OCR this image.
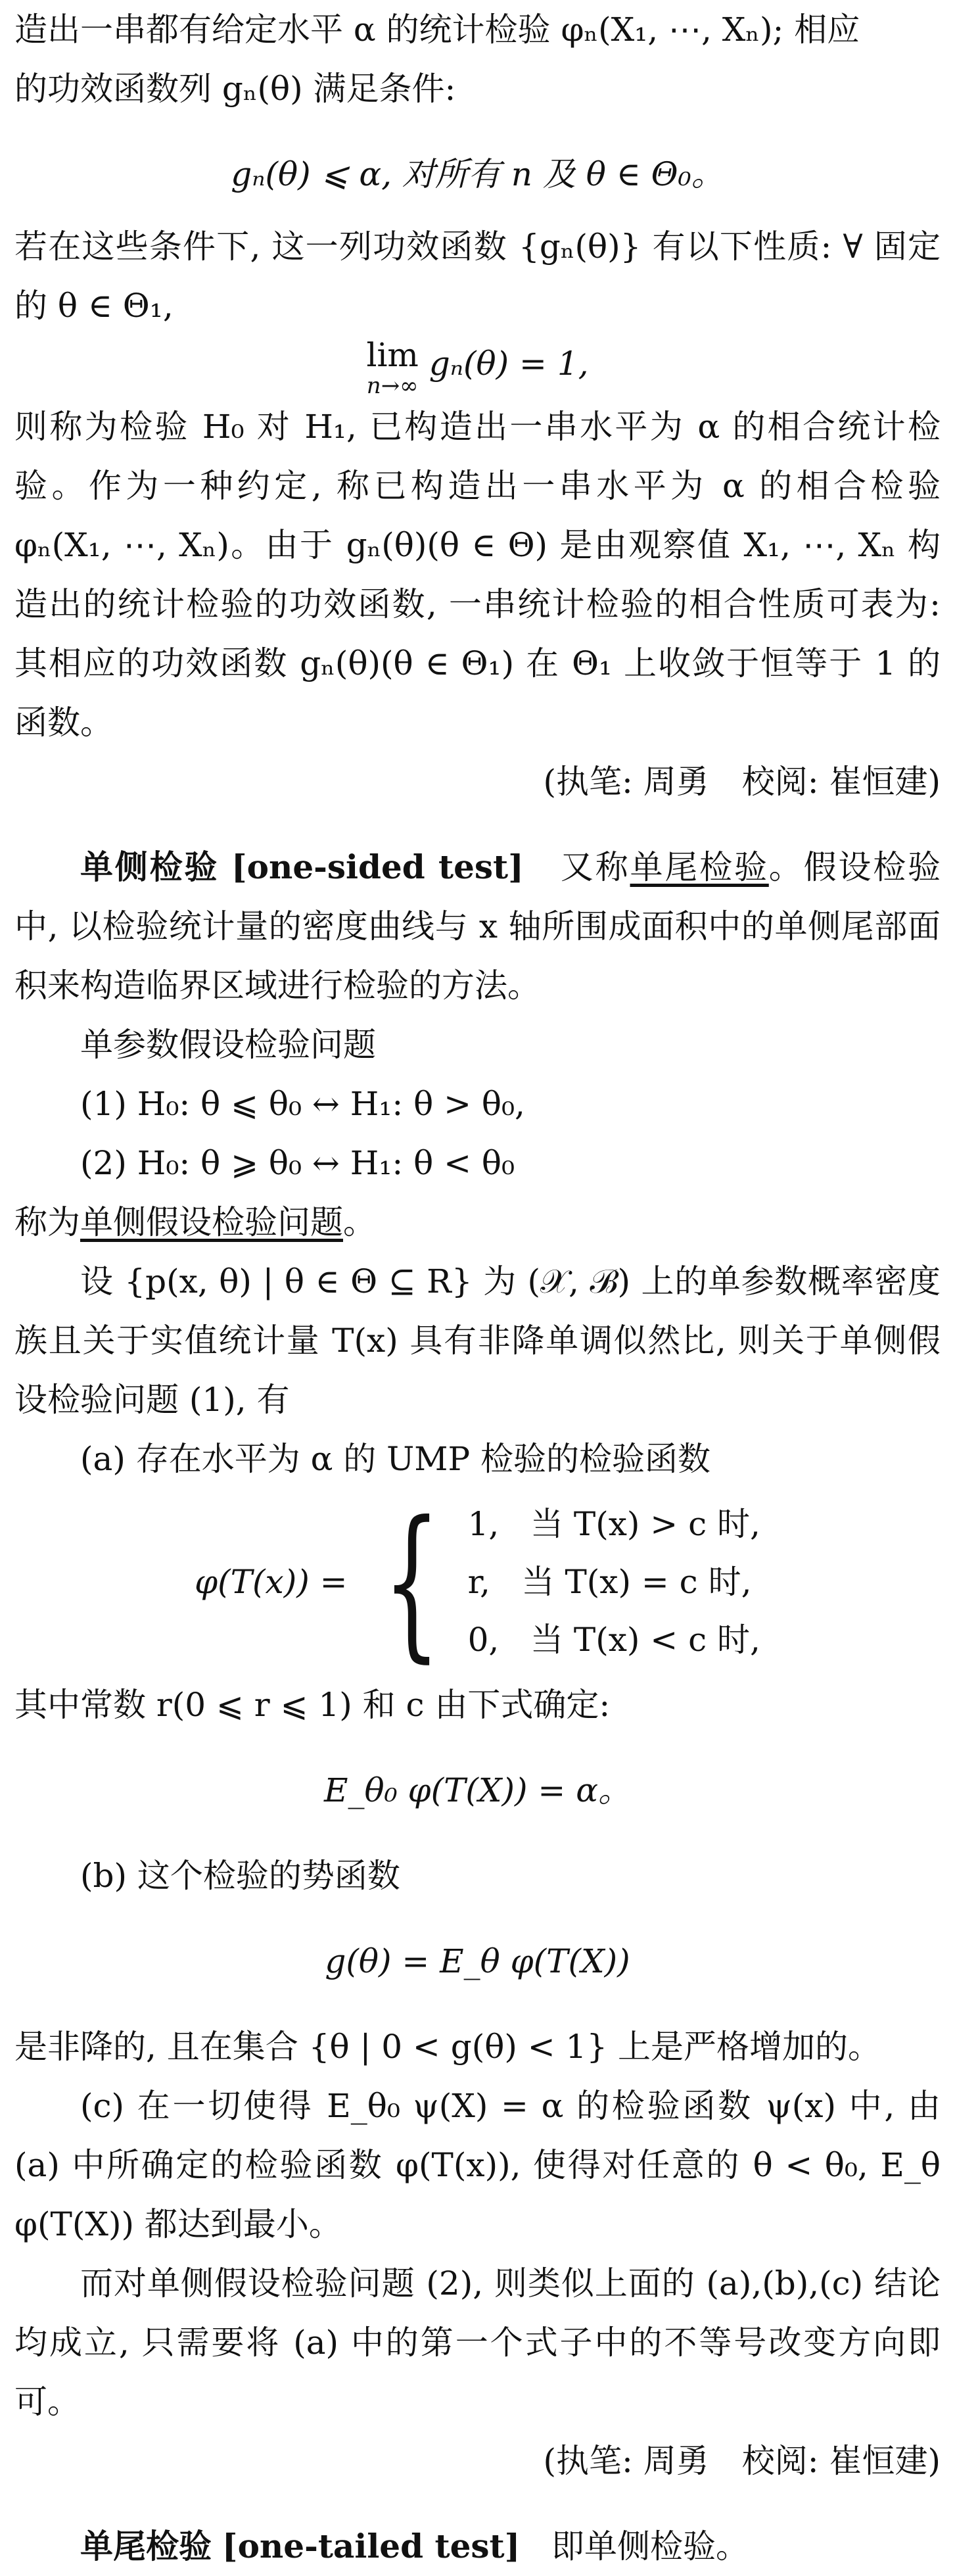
造出一串都有给定水平 α 的统计检验 φₙ(X₁, ⋯, Xₙ); 相应
的功效函数列 gₙ(θ) 满足条件:

gₙ(θ) ⩽ α, 对所有 n 及 θ ∈ Θ₀。

若在这些条件下, 这一列功效函数 {gₙ(θ)} 有以下性质: ∀ 固定的 θ ∈ Θ₁,

lim
n→∞
gₙ(θ) = 1,

则称为检验 H₀ 对 H₁, 已构造出一串水平为 α 的相合统计检验。作为一种约定, 称已构造出一串水平为 α 的相合检验 φₙ(X₁, ⋯, Xₙ)。由于 gₙ(θ)(θ ∈ Θ) 是由观察值 X₁, ⋯, Xₙ 构造出的统计检验的功效函数, 一串统计检验的相合性质可表为: 其相应的功效函数 gₙ(θ)(θ ∈ Θ₁) 在 Θ₁ 上收敛于恒等于 1 的函数。

(执笔: 周勇　校阅: 崔恒建)

单侧检验 [one-sided test] 又称单尾检验。假设检验中, 以检验统计量的密度曲线与 x 轴所围成面积中的单侧尾部面积来构造临界区域进行检验的方法。

单参数假设检验问题

(1) H₀: θ ⩽ θ₀ ↔ H₁: θ > θ₀,

(2) H₀: θ ⩾ θ₀ ↔ H₁: θ < θ₀

称为单侧假设检验问题。

设 {p(x, θ) | θ ∈ Θ ⊆ R} 为 (𝒳, ℬ) 上的单参数概率密度族且关于实值统计量 T(x) 具有非降单调似然比, 则关于单侧假设检验问题 (1), 有

(a) 存在水平为 α 的 UMP 检验的检验函数

φ(T(x)) = { 1,   当 T(x) > c 时,
r,   当 T(x) = c 时,
0,   当 T(x) < c 时,

其中常数 r(0 ⩽ r ⩽ 1) 和 c 由下式确定:

E_θ₀ φ(T(X)) = α。

(b) 这个检验的势函数

g(θ) = E_θ φ(T(X))

是非降的, 且在集合 {θ | 0 < g(θ) < 1} 上是严格增加的。

(c) 在一切使得 E_θ₀ ψ(X) = α 的检验函数 ψ(x) 中, 由 (a) 中所确定的检验函数 φ(T(x)), 使得对任意的 θ < θ₀, E_θ φ(T(X)) 都达到最小。

而对单侧假设检验问题 (2), 则类似上面的 (a),(b),(c) 结论均成立, 只需要将 (a) 中的第一个式子中的不等号改变方向即可。

(执笔: 周勇　校阅: 崔恒建)

单尾检验 [one-tailed test] 即单侧检验。
